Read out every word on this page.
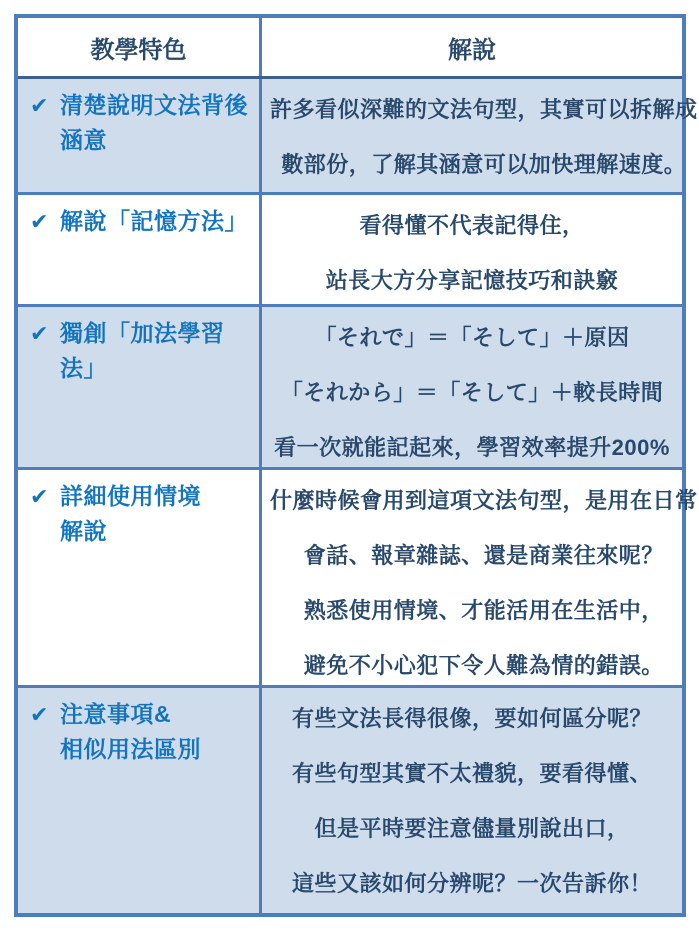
教學特色	解說
✔ 清楚說明文法背後
涵意
許多看似深難的文法句型，其實可以拆解成
數部份，了解其涵意可以加快理解速度。
✔ 解說「記憶方法」	看得懂不代表記得住，
站長大方分享記憶技巧和訣竅
✔ 獨創「加法學習法」
「それで」＝「そして」＋原因
「それから」＝「そして」＋較長時間
看一次就能記起來，學習效率提升200%
✔ 詳細使用情境
解說
什麼時候會用到這項文法句型，是用在日常
會話、報章雜誌、還是商業往來呢？
熟悉使用情境、才能活用在生活中，
避免不小心犯下令人難為情的錯誤。
✔ 注意事項&
相似用法區別
有些文法長得很像，要如何區分呢？
有些句型其實不太禮貌，要看得懂、
但是平時要注意儘量別說出口，
這些又該如何分辨呢？一次告訴你！
